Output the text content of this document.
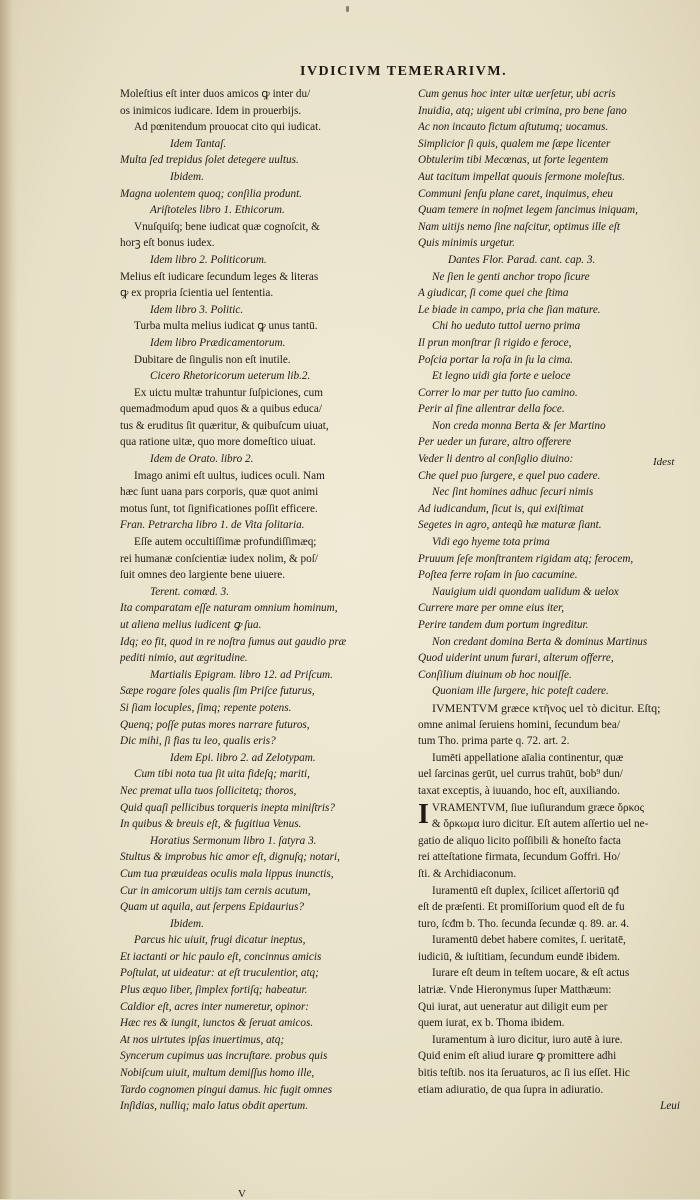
IVDICIVM TEMERARIVM.
Moleſtius eſt inter duos amicos ꝙ inter du/
os inimicos iudicare. Idem in prouerbijs.
Ad pœnitendum prouocat cito qui iudicat.
Idem Tantaſ.
Multa ſed trepidus ſolet detegere uultus.
Ibidem.
Magna uolentem quoq; conſilia produnt.
Ariſtoteles libro 1. Ethicorum.
Vnuſquiſq; bene iudicat quæ cognoſcit, &
horꝫ eſt bonus iudex.
Idem libro 2. Politicorum.
Melius eſt iudicare ſecundum leges & literas
ꝙ ex propria ſcientia uel ſententia.
Idem libro 3. Politic.
Turba multa melius iudicat ꝙ unus tantū.
Idem libro Prædicamentorum.
Dubitare de ſingulis non eſt inutile.
Cicero Rhetoricorum ueterum lib.2.
Ex uictu multæ trahuntur ſuſpiciones, cum
quemadmodum apud quos & a quibus educa/
tus & eruditus ſit quæritur, & quibuſcum uiuat,
qua ratione uitæ, quo more domeſtico uiuat.
Idem de Orato. libro 2.
Imago animi eſt uultus, iudices oculi. Nam
hæc ſunt uana pars corporis, quæ quot animi
motus ſunt, tot ſignificationes poſſit efficere.
Fran. Petrarcha libro 1. de Vita ſolitaria.
Eſſe autem occultiſſimæ profundiſſimæq;
rei humanæ conſcientiæ iudex nolim, & poſ/
ſuit omnes deo largiente bene uiuere.
Terent. comœd. 3.
Ita comparatam eſſe naturam omnium hominum,
ut aliena melius iudicent ꝙ ſua.
Idq; eo fit, quod in re noſtra ſumus aut gaudio præ
pediti nimio, aut ægritudine.
Martialis Epigram. libro 12. ad Priſcum.
Sæpe rogare ſoles qualis ſim Priſce futurus,
Si ſiam locuples, ſimq; repente potens.
Quenq; poſſe putas mores narrare futuros,
Dic mihi, ſi fias tu leo, qualis eris?
Idem Epi. libro 2. ad Zelotypam.
Cum tibi nota tua ſit uita fideſq; mariti,
Nec premat ulla tuos ſollicitetq; thoros,
Quid quaſi pellicibus torqueris inepta miniſtris?
In quibus & breuis eſt, & fugitiua Venus.
Horatius Sermonum libro 1. ſatyra 3.
Stultus & improbus hic amor eſt, dignuſq; notari,
Cum tua præuideas oculis mala lippus inunctis,
Cur in amicorum uitijs tam cernis acutum,
Quam ut aquila, aut ſerpens Epidaurius?
Ibidem.
Parcus hic uiuit, frugi dicatur ineptus,
Et iactanti or hic paulo eſt, concinnus amicis
Poſtulat, ut uideatur: at eſt truculentior, atq;
Plus æquo liber, ſimplex fortiſq; habeatur.
Caldior eſt, acres inter numeretur, opinor:
Hæc res & iungit, iunctos & ſeruat amicos.
At nos uirtutes ipſas inuertimus, atq;
Syncerum cupimus uas incruſtare. probus quis
Nobiſcum uiuit, multum demiſſus homo ille,
Tardo cognomen pingui damus. hic fugit omnes
Inſidias, nulliq; malo latus obdit apertum.
Cum genus hoc inter uitæ uerſetur, ubi acris
Inuidia, atq; uigent ubi crimina, pro bene ſano
Ac non incauto fictum aſtutumq; uocamus.
Simplicior ſi quis, qualem me ſæpe licenter
Obtulerim tibi Mecœnas, ut forte legentem
Aut tacitum impellat quouis ſermone moleſtus.
Communi ſenſu plane caret, inquimus, eheu
Quam temere in noſmet legem ſancimus iniquam,
Nam uitijs nemo ſine naſcitur, optimus ille eſt
Quis minimis urgetur.
Dantes Flor. Parad. cant. cap. 3.
Ne ſien le genti anchor tropo ſicure
A giudicar, ſi come quei che ſtima
Le biade in campo, pria che ſian mature.
Chi ho ueduto tuttol uerno prima
Il prun monſtrar ſi rigido e feroce,
Poſcia portar la roſa in ſu la cima.
Et legno uidi gia forte e ueloce
Correr lo mar per tutto ſuo camino.
Perir al fine allentrar della foce.
Non creda monna Berta & ſer Martino
Per ueder un furare, altro offerere
Veder li dentro al conſiglio diuino:
Che quel puo ſurgere, e quel puo cadere.
Nec ſint homines adhuc ſecuri nimis
Ad iudicandum, ſicut is, qui exiſtimat
Segetes in agro, anteqũ hæ maturæ ſiant.
Vidi ego hyeme tota prima
Pruuum ſeſe monſtrantem rigidam atq; ferocem,
Poſtea ferre roſam in ſuo cacumine.
Nauigium uidi quondam ualidum & uelox
Currere mare per omne eius iter,
Perire tandem dum portum ingreditur.
Non credant domina Berta & dominus Martinus
Quod uiderint unum furari, alterum offerre,
Conſilium diuinum ob hoc nouiſſe.
Quoniam ille ſurgere, hic poteſt cadere.
IVMENTVM græce κτῆνος uel τὸ dicitur. Eſtq;
omne animal ſeruiens homini, ſecundum bea/
tum Tho. prima parte q. 72. art. 2.
Iumēti appellatione aīalia continentur, quæ
uel ſarcinas gerūt, uel currus trahūt, bob⁹ dun/
taxat exceptis, à iuuando, hoc eſt, auxiliando.
I VRAMENTVM, ſiue iuſiurandum græce ὅρκος
& ὅρκωμα iuro dicitur. Eſt autem aſſertio uel ne-
gatio de aliquo licito poſſibili & honeſto facta
rei atteſtatione firmata, ſecundum Goffri. Ho/
ſti. & Archidiaconum.
Iuramentū eſt duplex, ſcilicet aſſertoriū qđ
eſt de præſenti. Et promiſſorium quod eſt de fu
turo, ſcđm b. Tho. ſecunda ſecundæ q. 89. ar. 4.
Iuramentū debet habere comites, ſ. ueritatē,
iudiciū, & iuſtitiam, ſecundum eundē ibidem.
Iurare eſt deum in teſtem uocare, & eſt actus
latriæ. Vnde Hieronymus ſuper Matthæum:
Qui iurat, aut ueneratur aut diligit eum per
quem iurat, ex b. Thoma ibidem.
Iuramentum à iuro dicitur, iuro autē à iure.
Quid enim eſt aliud iurare ꝙ promittere adhi
bitis teſtib. nos ita ſeruaturos, ac ſi ius eſſet. Hic
etiam adiuratio, de qua ſupra in adiuratio.
Leui
Idest
V
